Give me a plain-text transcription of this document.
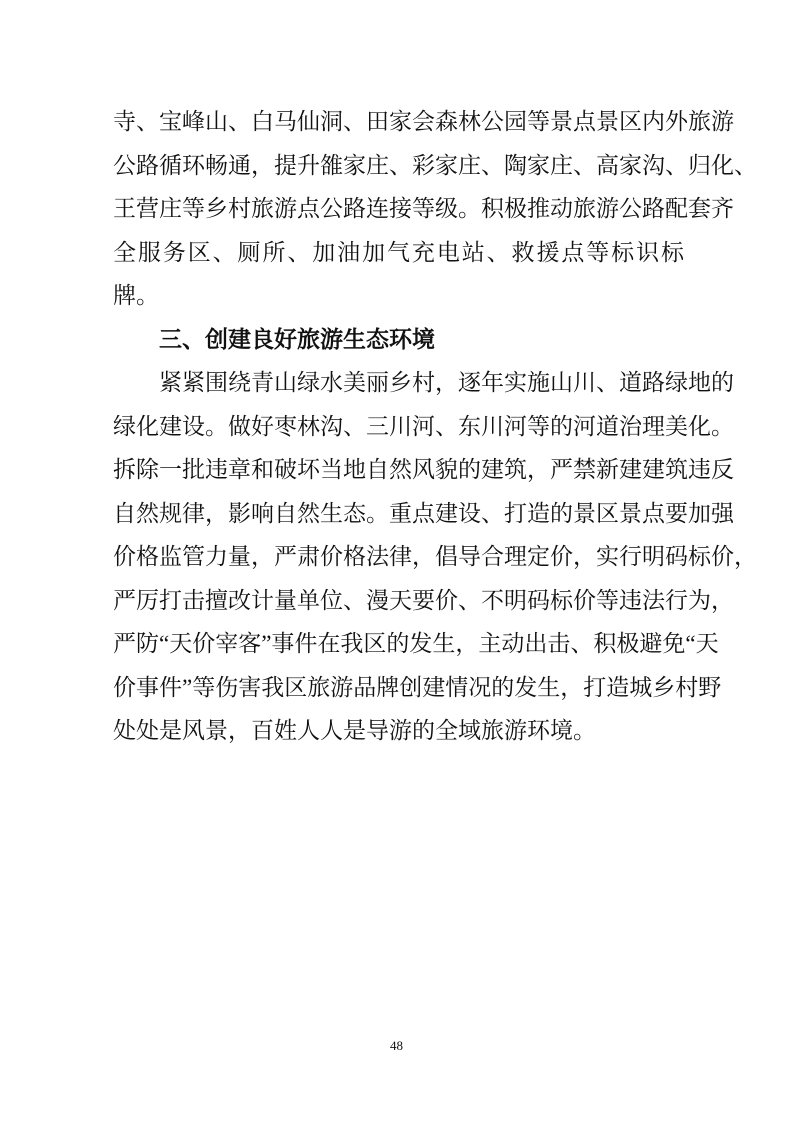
寺、宝峰山、白马仙洞、田家会森林公园等景点景区内外旅游
公路循环畅通，提升雒家庄、彩家庄、陶家庄、高家沟、归化、
王营庄等乡村旅游点公路连接等级。积极推动旅游公路配套齐
全服务区、厕所、加油加气充电站、救援点等标识标牌。
三、创建良好旅游生态环境
紧紧围绕青山绿水美丽乡村，逐年实施山川、道路绿地的
绿化建设。做好枣林沟、三川河、东川河等的河道治理美化。
拆除一批违章和破坏当地自然风貌的建筑，严禁新建建筑违反
自然规律，影响自然生态。重点建设、打造的景区景点要加强
价格监管力量，严肃价格法律，倡导合理定价，实行明码标价，
严厉打击擅改计量单位、漫天要价、不明码标价等违法行为，
严防“天价宰客”事件在我区的发生，主动出击、积极避免“天
价事件”等伤害我区旅游品牌创建情况的发生，打造城乡村野
处处是风景，百姓人人是导游的全域旅游环境。
48
